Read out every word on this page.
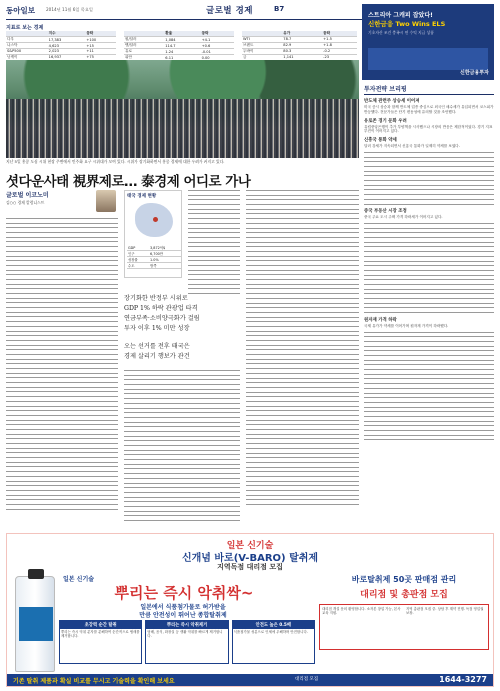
동아일보	2014년 11월 6일 목요일	글로벌 경제	B7
스트리아 그캐피 잡았다!
신한금융 Two Wins ELS
기초자산 조건 충족시 연 수익 지급 상품
신한금융투자
지표로 보는 경제
	지수	등락
다우	17,383	+100
나스닥	4,623	+15
S&P500	2,023	+11
닛케이	16,937	+75
	환율	등락
원/달러	1,084	+4.1
엔/달러	114.7	+0.6
유로	1.24	-0.01
위안	6.11	0.00
	유가	등락
WTI	78.7	+1.5
브렌트	82.9	+1.8
두바이	80.3	-0.2
금	1,141	-23
지난 5일 홍콩 도심 시위 현장 주변에서 민주화 요구 시위대가 모여 있다. 시위가 장기화하면서 홍콩 경제에 대한 우려가 커지고 있다.
셧다운사태 視界제로… 泰경제 어디로 가나
투자전략 브리핑
반도체 관련주 상승세 이어져
미국 증시 상승과 함께 반도체 업종 중심으로 외국인 매수세가 유입되면서 코스피가 반등했다. 전문가들은 단기 변동성에 유의할 것을 조언했다.
유로존 경기 둔화 우려
유럽중앙은행이 추가 부양책을 시사했으나 시장의 반응은 제한적이었다. 경기 지표 부진이 이어지고 있다.
신흥국 통화 약세
달러 강세가 지속되면서 신흥국 통화가 일제히 약세를 보였다.
중국 부동산 시장 조정
중국 주요 도시 주택 가격 하락세가 이어지고 있다.
원자재 가격 하락
국제 유가가 약세를 이어가며 원자재 가격이 하락했다.
글로벌 이코노미
김○○ 경제 칼럼니스트
태국 경제 현황
GDP	3,872억$
인구	6,700만
성장률	1.0%
수도	방콕
장기화한 반정부 시위로
GDP 1% 하락 관광업 타격
연금부족·소비양극화가 걸림
투자 이후 1% 미만 성장
오는 선거를 전후 태국은
경제 살리기 행보가 관건
일본 신기술
신개념 바로(V-BARO) 탈취제
지역독점 대리점 모집
일본 신기술
뿌리는 즉시 악취싹~
일본에서 식품첨가물로 허가받을
만큼 안전성이 뛰어난 종합탈취제
초강력 순간 탈취
뿌리는 즉시 악취 분자를 분해하여 순간적으로 냄새를 제거합니다.
뿌리는 즉시 악취제거
담배, 음식, 화장실 등 생활 악취를 빠르게 제거합니다.
안전도 높은 0.5배
식품첨가물 성분으로 인체에 무해하며 안전합니다.
바로탈취제 50곳 판매점 관리
대리점 및 총판점 모집
대리점 개설 문의 환영합니다. 소자본 창업 가능, 본사 교육 지원.
지역 총판점 모집 중. 상담 후 계약 진행. 독점 영업권 보장.
기존 탈취 제품과 확실 비교를 무시고 기술력을 확인해 보세요	대리점 모집	1644-3277
